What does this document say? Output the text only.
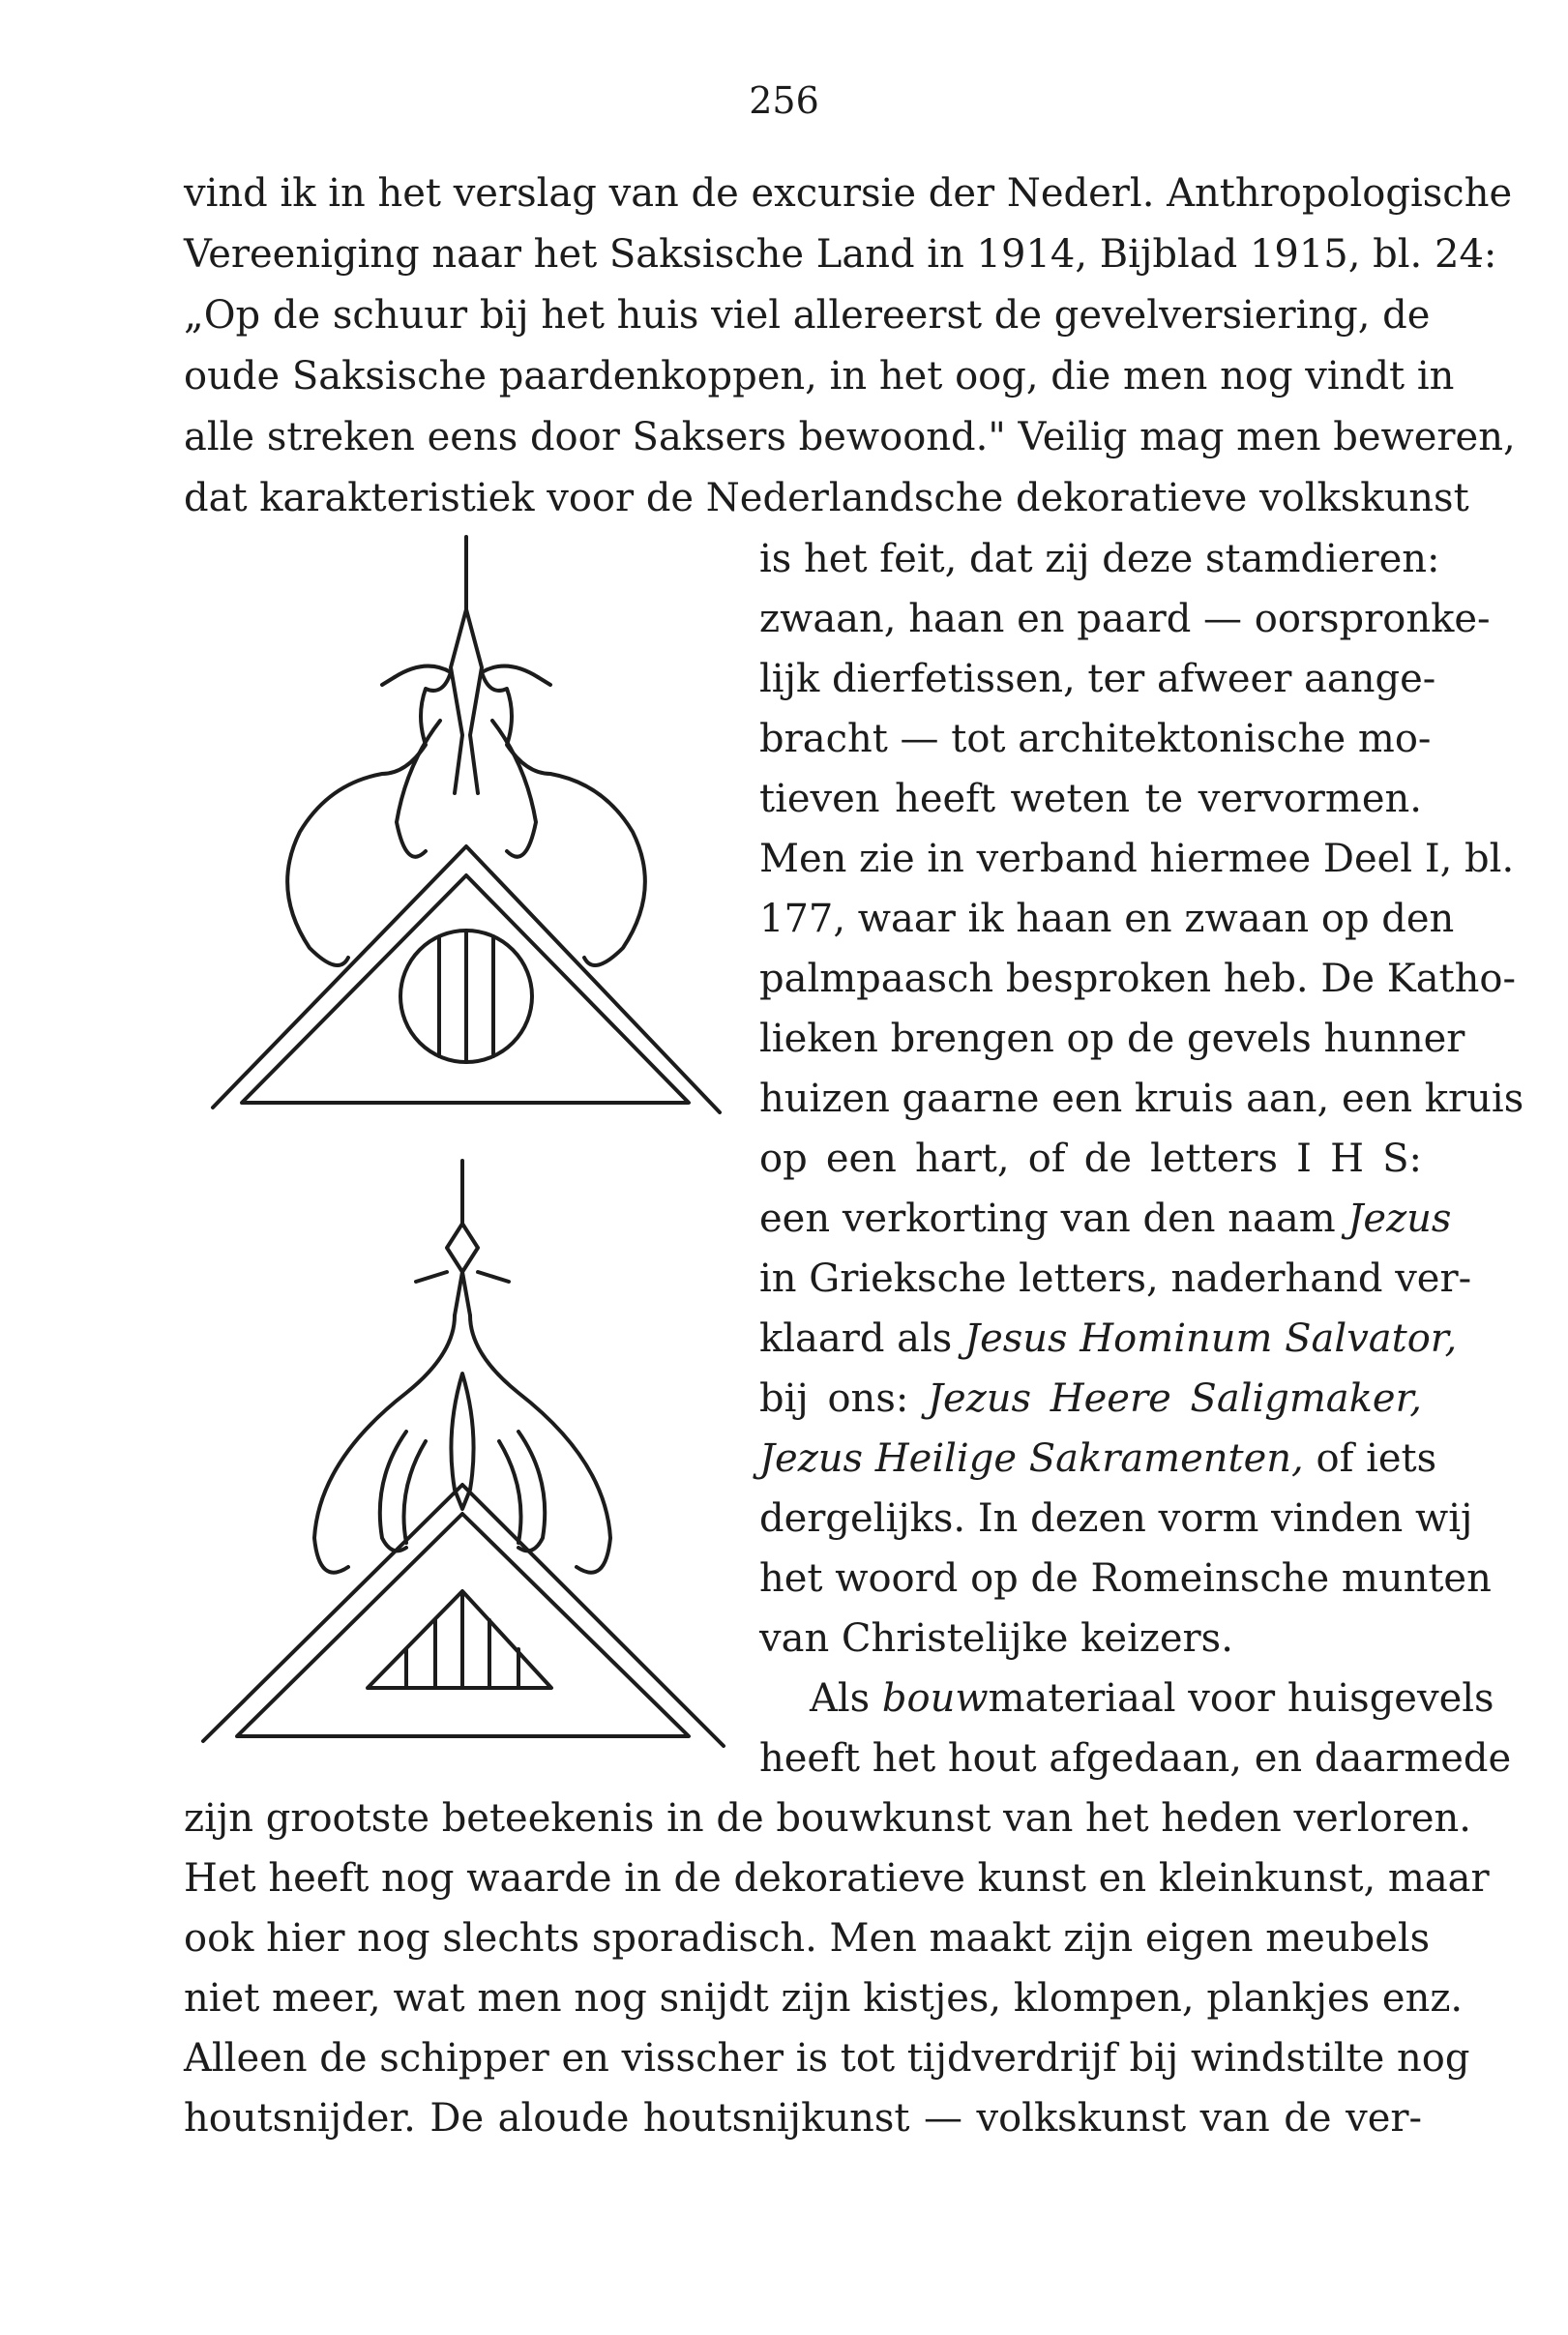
256
vind ik in het verslag van de excursie der Nederl. Anthropologische
Vereeniging naar het Saksische Land in 1914, Bijblad 1915, bl. 24:
„Op de schuur bij het huis viel allereerst de gevelversiering, de
oude Saksische paardenkoppen, in het oog, die men nog vindt in
alle streken eens door Saksers bewoond." Veilig mag men beweren,
dat karakteristiek voor de Nederlandsche dekoratieve volkskunst
is het feit, dat zij deze stamdieren:
zwaan, haan en paard — oorspronke-
lijk dierfetissen, ter afweer aange-
bracht — tot architektonische mo-
tieven heeft weten te vervormen.
Men zie in verband hiermee Deel I, bl.
177, waar ik haan en zwaan op den
palmpaasch besproken heb. De Katho-
lieken brengen op de gevels hunner
huizen gaarne een kruis aan, een kruis
op een hart, of de letters I H S:
een verkorting van den naam Jezus
in Grieksche letters, naderhand ver-
klaard als Jesus Hominum Salvator,
bij ons: Jezus Heere Saligmaker,
Jezus Heilige Sakramenten, of iets
dergelijks. In dezen vorm vinden wij
het woord op de Romeinsche munten
van Christelijke keizers.
Als bouwmateriaal voor huisgevels
heeft het hout afgedaan, en daarmede
zijn grootste beteekenis in de bouwkunst van het heden verloren.
Het heeft nog waarde in de dekoratieve kunst en kleinkunst, maar
ook hier nog slechts sporadisch. Men maakt zijn eigen meubels
niet meer, wat men nog snijdt zijn kistjes, klompen, plankjes enz.
Alleen de schipper en visscher is tot tijdverdrijf bij windstilte nog
houtsnijder. De aloude houtsnijkunst — volkskunst van de ver-
